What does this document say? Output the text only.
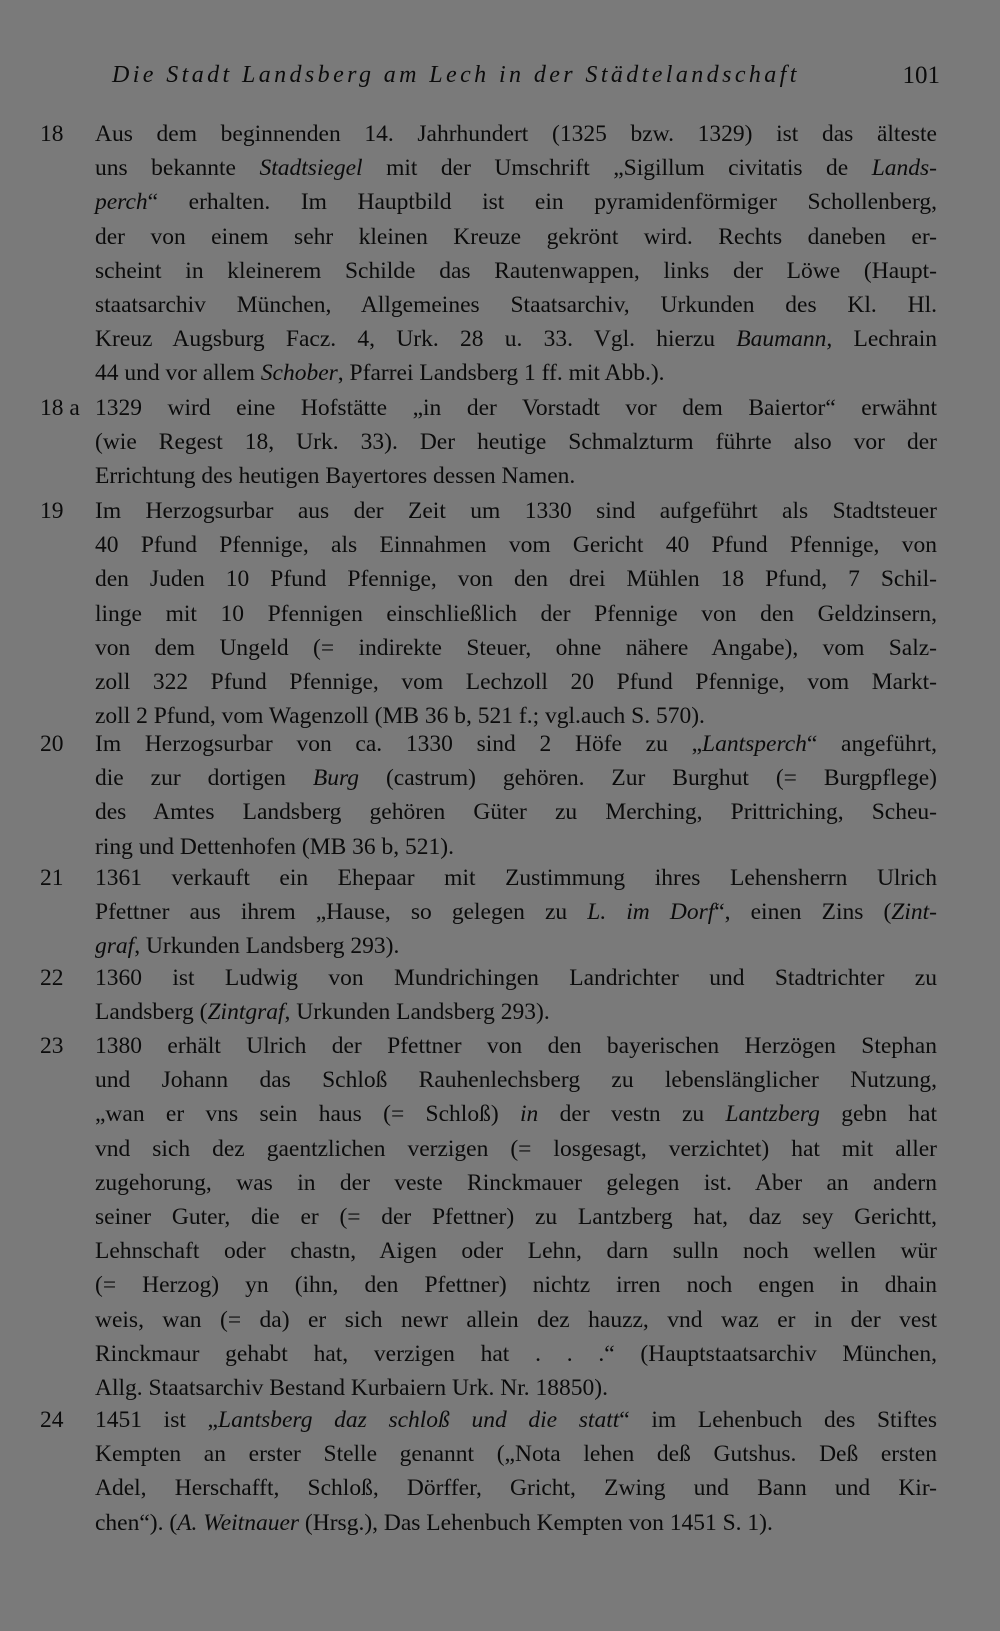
Die Stadt Landsberg am Lech in der Städtelandschaft	101
18 Aus dem beginnenden 14. Jahrhundert (1325 bzw. 1329) ist das älteste
uns bekannte Stadtsiegel mit der Umschrift „Sigillum civitatis de Lands-
perch“ erhalten. Im Hauptbild ist ein pyramidenförmiger Schollenberg,
der von einem sehr kleinen Kreuze gekrönt wird. Rechts daneben er-
scheint in kleinerem Schilde das Rautenwappen, links der Löwe (Haupt-
staatsarchiv München, Allgemeines Staatsarchiv, Urkunden des Kl. Hl.
Kreuz Augsburg Facz. 4, Urk. 28 u. 33. Vgl. hierzu Baumann, Lechrain
44 und vor allem Schober, Pfarrei Landsberg 1 ff. mit Abb.).
18 a 1329 wird eine Hofstätte „in der Vorstadt vor dem Baiertor“ erwähnt
(wie Regest 18, Urk. 33). Der heutige Schmalzturm führte also vor der
Errichtung des heutigen Bayertores dessen Namen.
19 Im Herzogsurbar aus der Zeit um 1330 sind aufgeführt als Stadtsteuer
40 Pfund Pfennige, als Einnahmen vom Gericht 40 Pfund Pfennige, von
den Juden 10 Pfund Pfennige, von den drei Mühlen 18 Pfund, 7 Schil-
linge mit 10 Pfennigen einschließlich der Pfennige von den Geldzinsern,
von dem Ungeld (= indirekte Steuer, ohne nähere Angabe), vom Salz-
zoll 322 Pfund Pfennige, vom Lechzoll 20 Pfund Pfennige, vom Markt-
zoll 2 Pfund, vom Wagenzoll (MB 36 b, 521 f.; vgl.auch S. 570).
20 Im Herzogsurbar von ca. 1330 sind 2 Höfe zu „Lantsperch“ angeführt,
die zur dortigen Burg (castrum) gehören. Zur Burghut (= Burgpflege)
des Amtes Landsberg gehören Güter zu Merching, Prittriching, Scheu-
ring und Dettenhofen (MB 36 b, 521).
21 1361 verkauft ein Ehepaar mit Zustimmung ihres Lehensherrn Ulrich
Pfettner aus ihrem „Hause, so gelegen zu L. im Dorf“, einen Zins (Zint-
graf, Urkunden Landsberg 293).
22 1360 ist Ludwig von Mundrichingen Landrichter und Stadtrichter zu
Landsberg (Zintgraf, Urkunden Landsberg 293).
23 1380 erhält Ulrich der Pfettner von den bayerischen Herzögen Stephan
und Johann das Schloß Rauhenlechsberg zu lebenslänglicher Nutzung,
„wan er vns sein haus (= Schloß) in der vestn zu Lantzberg gebn hat
vnd sich dez gaentzlichen verzigen (= losgesagt, verzichtet) hat mit aller
zugehorung, was in der veste Rinckmauer gelegen ist. Aber an andern
seiner Guter, die er (= der Pfettner) zu Lantzberg hat, daz sey Gerichtt,
Lehnschaft oder chastn, Aigen oder Lehn, darn sulln noch wellen wür
(= Herzog) yn (ihn, den Pfettner) nichtz irren noch engen in dhain
weis, wan (= da) er sich newr allein dez hauzz, vnd waz er in der vest
Rinckmaur gehabt hat, verzigen hat . . .“ (Hauptstaatsarchiv München,
Allg. Staatsarchiv Bestand Kurbaiern Urk. Nr. 18850).
24 1451 ist „Lantsberg daz schloß und die statt“ im Lehenbuch des Stiftes
Kempten an erster Stelle genannt („Nota lehen deß Gutshus. Deß ersten
Adel, Herschafft, Schloß, Dörffer, Gricht, Zwing und Bann und Kir-
chen“). (A. Weitnauer (Hrsg.), Das Lehenbuch Kempten von 1451 S. 1).
